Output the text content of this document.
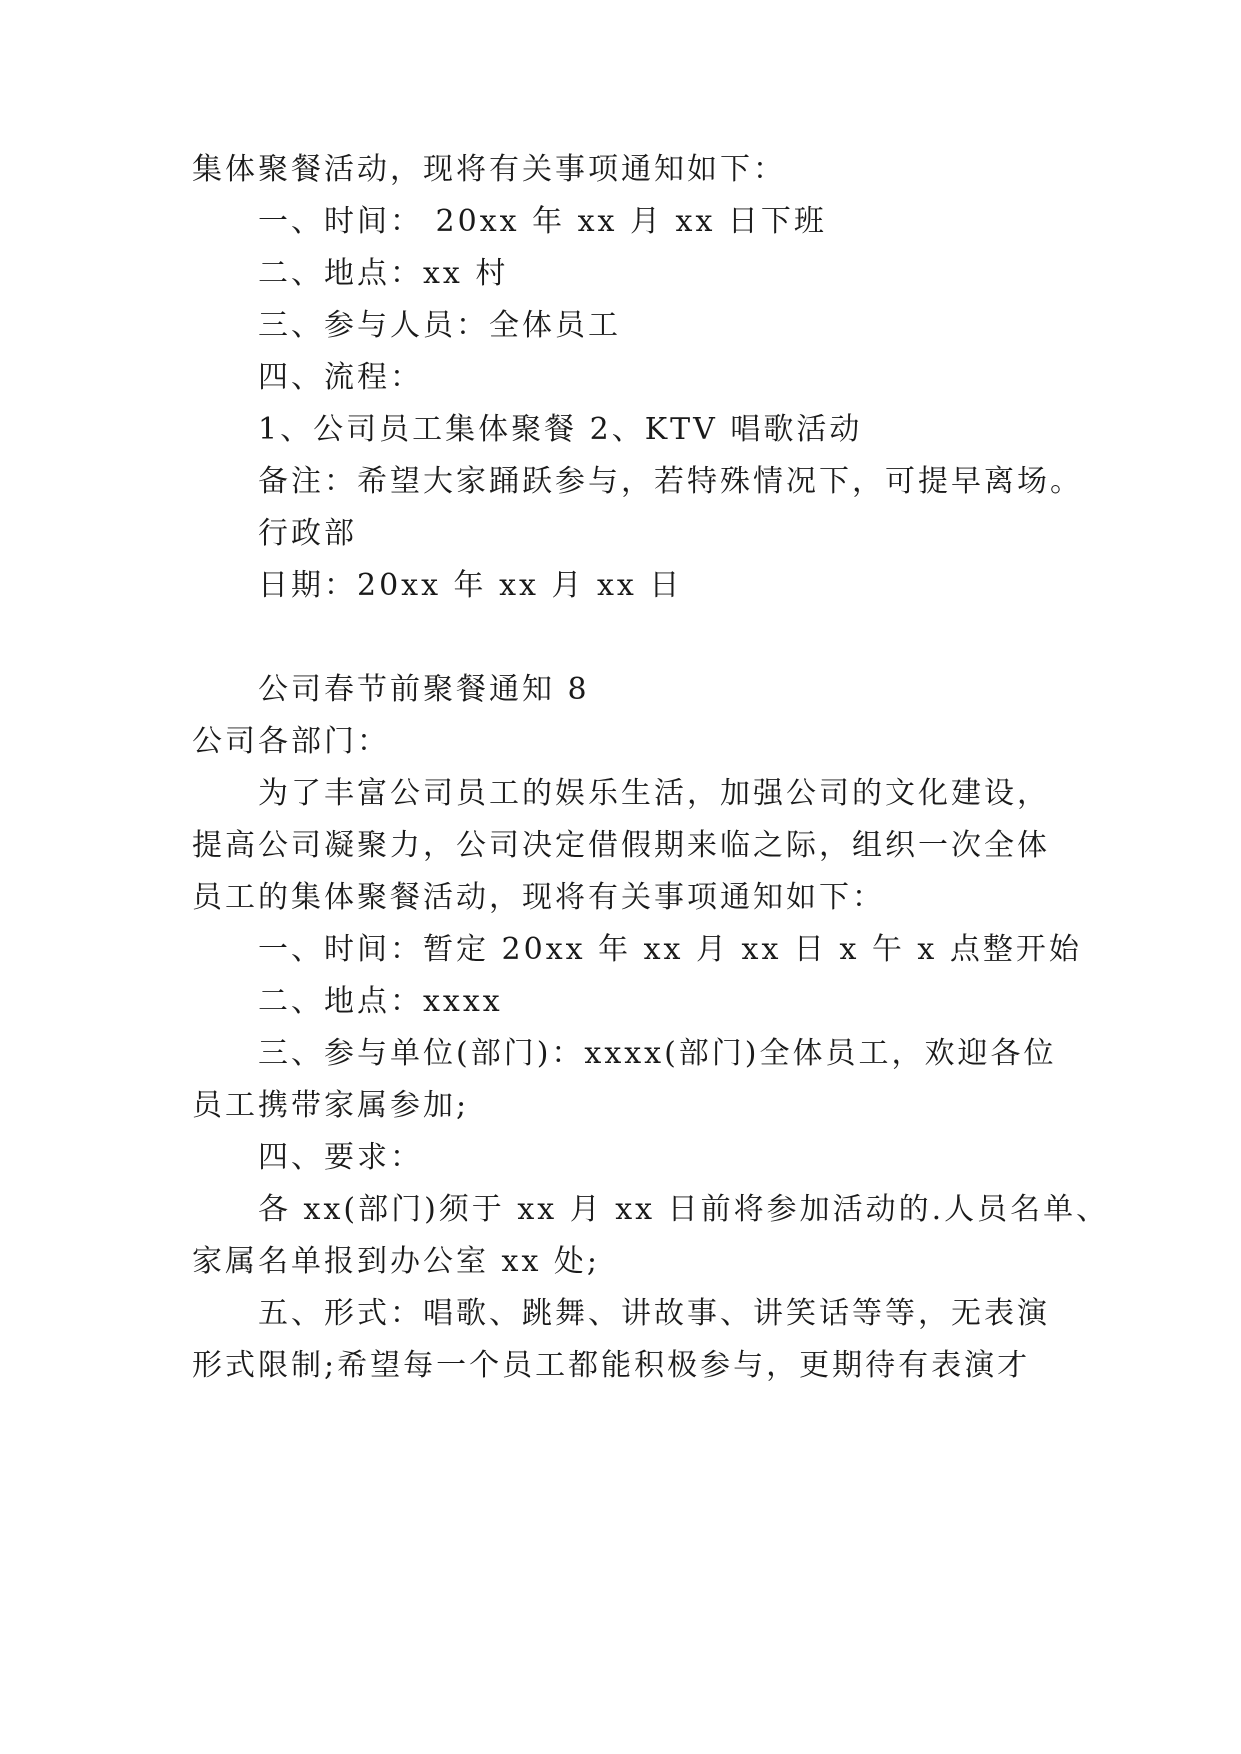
集体聚餐活动，现将有关事项通知如下：
一、时间： 20xx 年 xx 月 xx 日下班
二、地点：xx 村
三、参与人员：全体员工
四、流程：
1、公司员工集体聚餐 2、KTV 唱歌活动
备注：希望大家踊跃参与，若特殊情况下，可提早离场。
行政部
日期：20xx 年 xx 月 xx 日
公司春节前聚餐通知 8
公司各部门：
为了丰富公司员工的娱乐生活，加强公司的文化建设，
提高公司凝聚力，公司决定借假期来临之际，组织一次全体
员工的集体聚餐活动，现将有关事项通知如下：
一、时间：暂定 20xx 年 xx 月 xx 日 x 午 x 点整开始
二、地点：xxxx
三、参与单位(部门)：xxxx(部门)全体员工，欢迎各位
员工携带家属参加;
四、要求：
各 xx(部门)须于 xx 月 xx 日前将参加活动的.人员名单、
家属名单报到办公室 xx 处;
五、形式：唱歌、跳舞、讲故事、讲笑话等等，无表演
形式限制;希望每一个员工都能积极参与，更期待有表演才
